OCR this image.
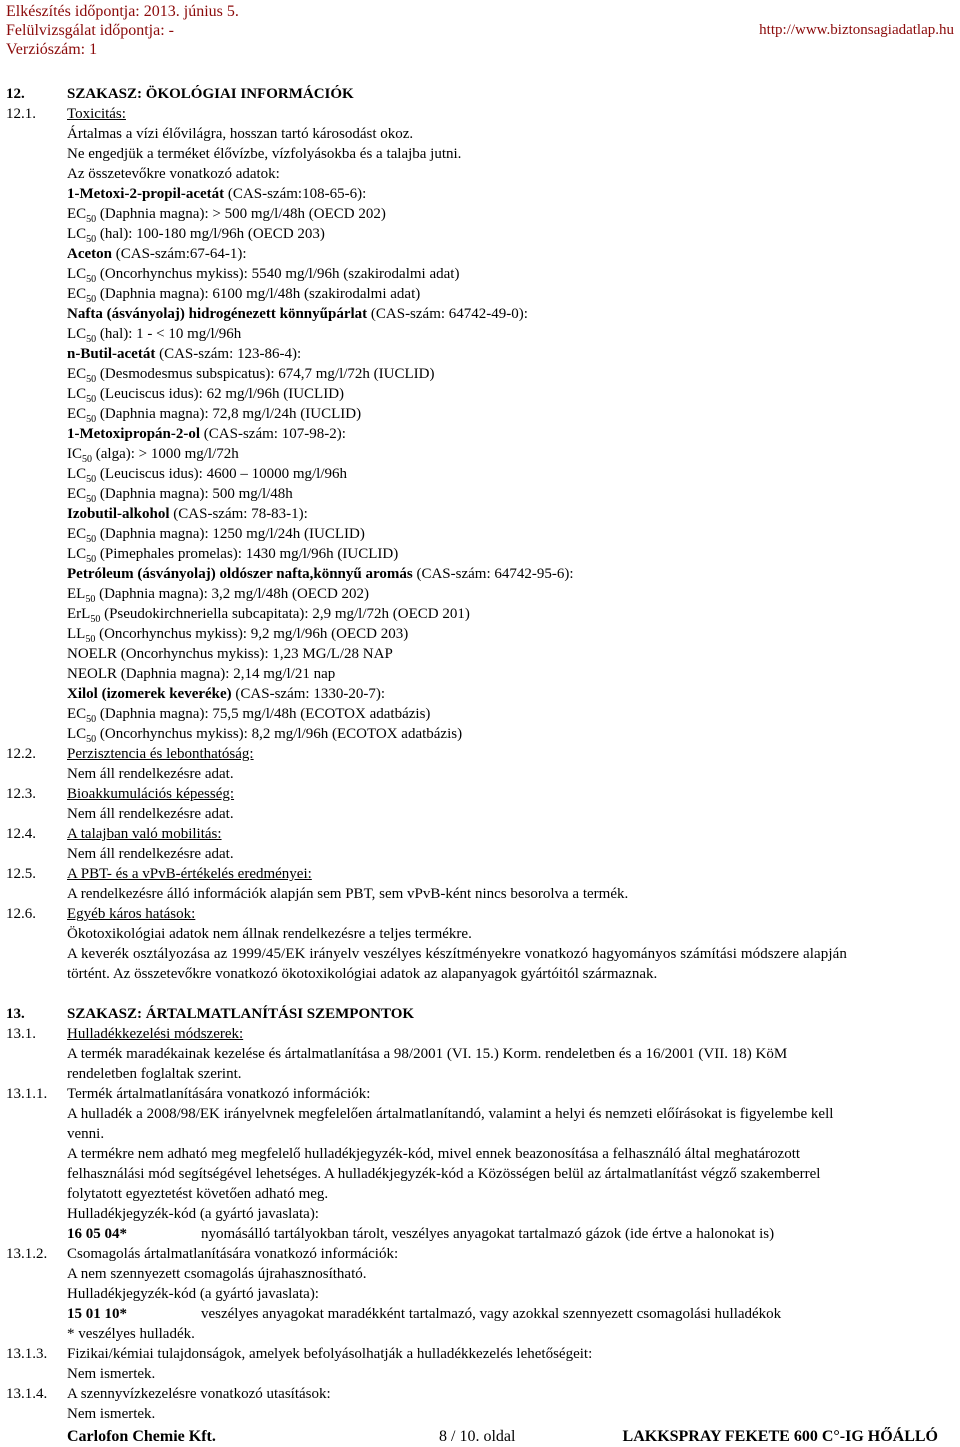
Elkészítés időpontja: 2013. június 5.
Felülvizsgálat időpontja: -
Verziószám: 1
http://www.biztonsagiadatlap.hu
12.	SZAKASZ: ÖKOLÓGIAI INFORMÁCIÓK
12.1.	Toxicitás:
Ártalmas a vízi élővilágra, hosszan tartó károsodást okoz.
Ne engedjük a terméket élővízbe, vízfolyásokba és a talajba jutni.
Az összetevőkre vonatkozó adatok:
1-Metoxi-2-propil-acetát (CAS-szám:108-65-6):
$EC_{50}$ (Daphnia magna): > 500 mg/l/48h (OECD 202)
$LC_{50}$ (hal): 100-180 mg/l/96h (OECD 203)
Aceton (CAS-szám:67-64-1):
$LC_{50}$ (Oncorhynchus mykiss): 5540 mg/l/96h (szakirodalmi adat)
$EC_{50}$ (Daphnia magna): 6100 mg/l/48h (szakirodalmi adat)
Nafta (ásványolaj) hidrogénezett könnyűpárlat (CAS-szám: 64742-49-0):
$LC_{50}$ (hal): 1 - < 10 mg/l/96h
n-Butil-acetát (CAS-szám: 123-86-4):
$EC_{50}$ (Desmodesmus subspicatus): 674,7 mg/l/72h (IUCLID)
$LC_{50}$ (Leuciscus idus): 62 mg/l/96h (IUCLID)
$EC_{50}$ (Daphnia magna): 72,8 mg/l/24h (IUCLID)
1-Metoxipropán-2-ol (CAS-szám: 107-98-2):
$IC_{50}$ (alga): > 1000 mg/l/72h
$LC_{50}$ (Leuciscus idus): 4600 – 10000 mg/l/96h
$EC_{50}$ (Daphnia magna): 500 mg/l/48h
Izobutil-alkohol (CAS-szám: 78-83-1):
$EC_{50}$ (Daphnia magna): 1250 mg/l/24h (IUCLID)
$LC_{50}$ (Pimephales promelas): 1430 mg/l/96h (IUCLID)
Petróleum (ásványolaj) oldószer nafta,könnyű aromás (CAS-szám: 64742-95-6):
$EL_{50}$ (Daphnia magna): 3,2 mg/l/48h (OECD 202)
ErL$_{50}$ (Pseudokirchneriella subcapitata): 2,9 mg/l/72h (OECD 201)
$LL_{50}$ (Oncorhynchus mykiss): 9,2 mg/l/96h (OECD 203)
NOELR (Oncorhynchus mykiss): 1,23 MG/L/28 NAP
NEOLR (Daphnia magna): 2,14 mg/l/21 nap
Xilol (izomerek keveréke) (CAS-szám: 1330-20-7):
$EC_{50}$ (Daphnia magna): 75,5 mg/l/48h (ECOTOX adatbázis)
$LC_{50}$ (Oncorhynchus mykiss): 8,2 mg/l/96h (ECOTOX adatbázis)
12.2.	Perzisztencia és lebonthatóság:
Nem áll rendelkezésre adat.
12.3.	Bioakkumulációs képesség:
Nem áll rendelkezésre adat.
12.4.	A talajban való mobilitás:
Nem áll rendelkezésre adat.
12.5.	A PBT- és a vPvB-értékelés eredményei:
A rendelkezésre álló információk alapján sem PBT, sem vPvB-ként nincs besorolva a termék.
12.6.	Egyéb káros hatások:
Ökotoxikológiai adatok nem állnak rendelkezésre a teljes termékre.
A keverék osztályozása az 1999/45/EK irányelv veszélyes készítményekre vonatkozó hagyományos számítási módszere alapján
történt. Az összetevőkre vonatkozó ökotoxikológiai adatok az alapanyagok gyártóitól származnak.
13.	SZAKASZ: ÁRTALMATLANÍTÁSI SZEMPONTOK
13.1.	Hulladékkezelési módszerek:
A termék maradékainak kezelése és ártalmatlanítása a 98/2001 (VI. 15.) Korm. rendeletben és a 16/2001 (VII. 18) KöM
rendeletben foglaltak szerint.
13.1.1.	Termék ártalmatlanítására vonatkozó információk:
A hulladék a 2008/98/EK irányelvnek megfelelően ártalmatlanítandó, valamint a helyi és nemzeti előírásokat is figyelembe kell
venni.
A termékre nem adható meg megfelelő hulladékjegyzék-kód, mivel ennek beazonosítása a felhasználó által meghatározott
felhasználási mód segítségével lehetséges. A hulladékjegyzék-kód a Közösségen belül az ártalmatlanítást végző szakemberrel
folytatott egyeztetést követően adható meg.
Hulladékjegyzék-kód (a gyártó javaslata):
16 05 04*	nyomásálló tartályokban tárolt, veszélyes anyagokat tartalmazó gázok (ide értve a halonokat is)
13.1.2.	Csomagolás ártalmatlanítására vonatkozó információk:
A nem szennyezett csomagolás újrahasznosítható.
Hulladékjegyzék-kód (a gyártó javaslata):
15 01 10*	veszélyes anyagokat maradékként tartalmazó, vagy azokkal szennyezett csomagolási hulladékok
* veszélyes hulladék.
13.1.3.	Fizikai/kémiai tulajdonságok, amelyek befolyásolhatják a hulladékkezelés lehetőségeit:
Nem ismertek.
13.1.4.	A szennyvízkezelésre vonatkozó utasítások:
Nem ismertek.
Carlofon Chemie Kft.	8 / 10. oldal	LAKKSPRAY FEKETE 600 C°-IG HŐÁLLÓ
